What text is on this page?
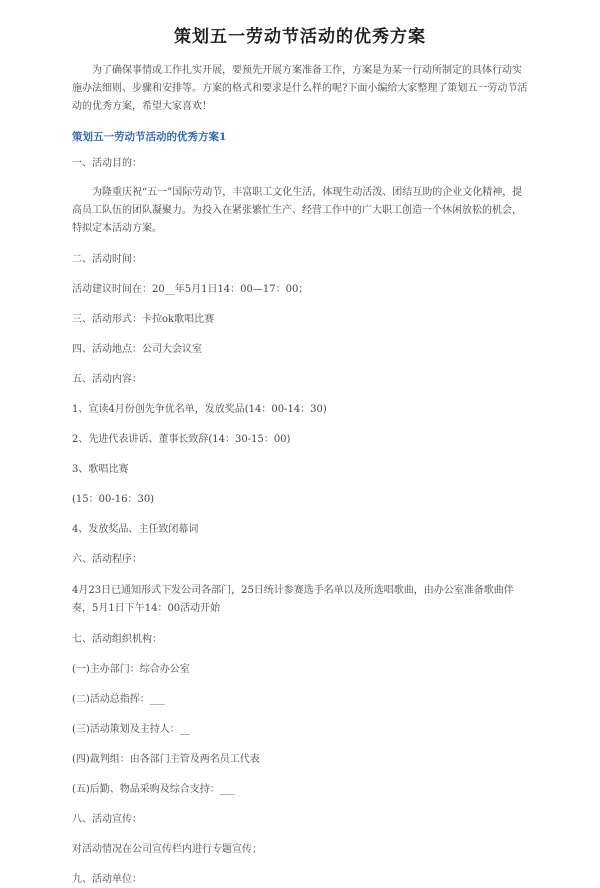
策划五一劳动节活动的优秀方案

为了确保事情或工作扎实开展，要预先开展方案准备工作，方案是为某一行动所制定的具体行动实施办法细则、步骤和安排等。方案的格式和要求是什么样的呢?下面小编给大家整理了策划五一劳动节活动的优秀方案，希望大家喜欢！

策划五一劳动节活动的优秀方案1

一、活动目的：

为隆重庆祝“五一”国际劳动节，丰富职工文化生活，体现生动活泼、团结互助的企业文化精神，提高员工队伍的团队凝聚力。为投入在紧张繁忙生产、经营工作中的广大职工创造一个休闲放松的机会，特拟定本活动方案。

二、活动时间：

活动建议时间在：20__年5月1日14：00—17：00；

三、活动形式：卡拉ok歌唱比赛

四、活动地点：公司大会议室

五、活动内容：

1、宣读4月份创先争优名单，发放奖品(14：00-14：30)

2、先进代表讲话、董事长致辞(14：30-15：00)

3、歌唱比赛

(15：00-16：30)

4、发放奖品、主任致闭幕词

六、活动程序：

4月23日已通知形式下发公司各部门，25日统计参赛选手名单以及所选唱歌曲，由办公室准备歌曲伴奏，5月1日下午14：00活动开始

七、活动组织机构：

(一)主办部门：综合办公室

(二)活动总指挥：___

(三)活动策划及主持人：__

(四)裁判组：由各部门主管及两名员工代表

(五)后勤、物品采购及综合支持：___

八、活动宣传：

对活动情况在公司宣传栏内进行专题宣传；

九、活动单位：
